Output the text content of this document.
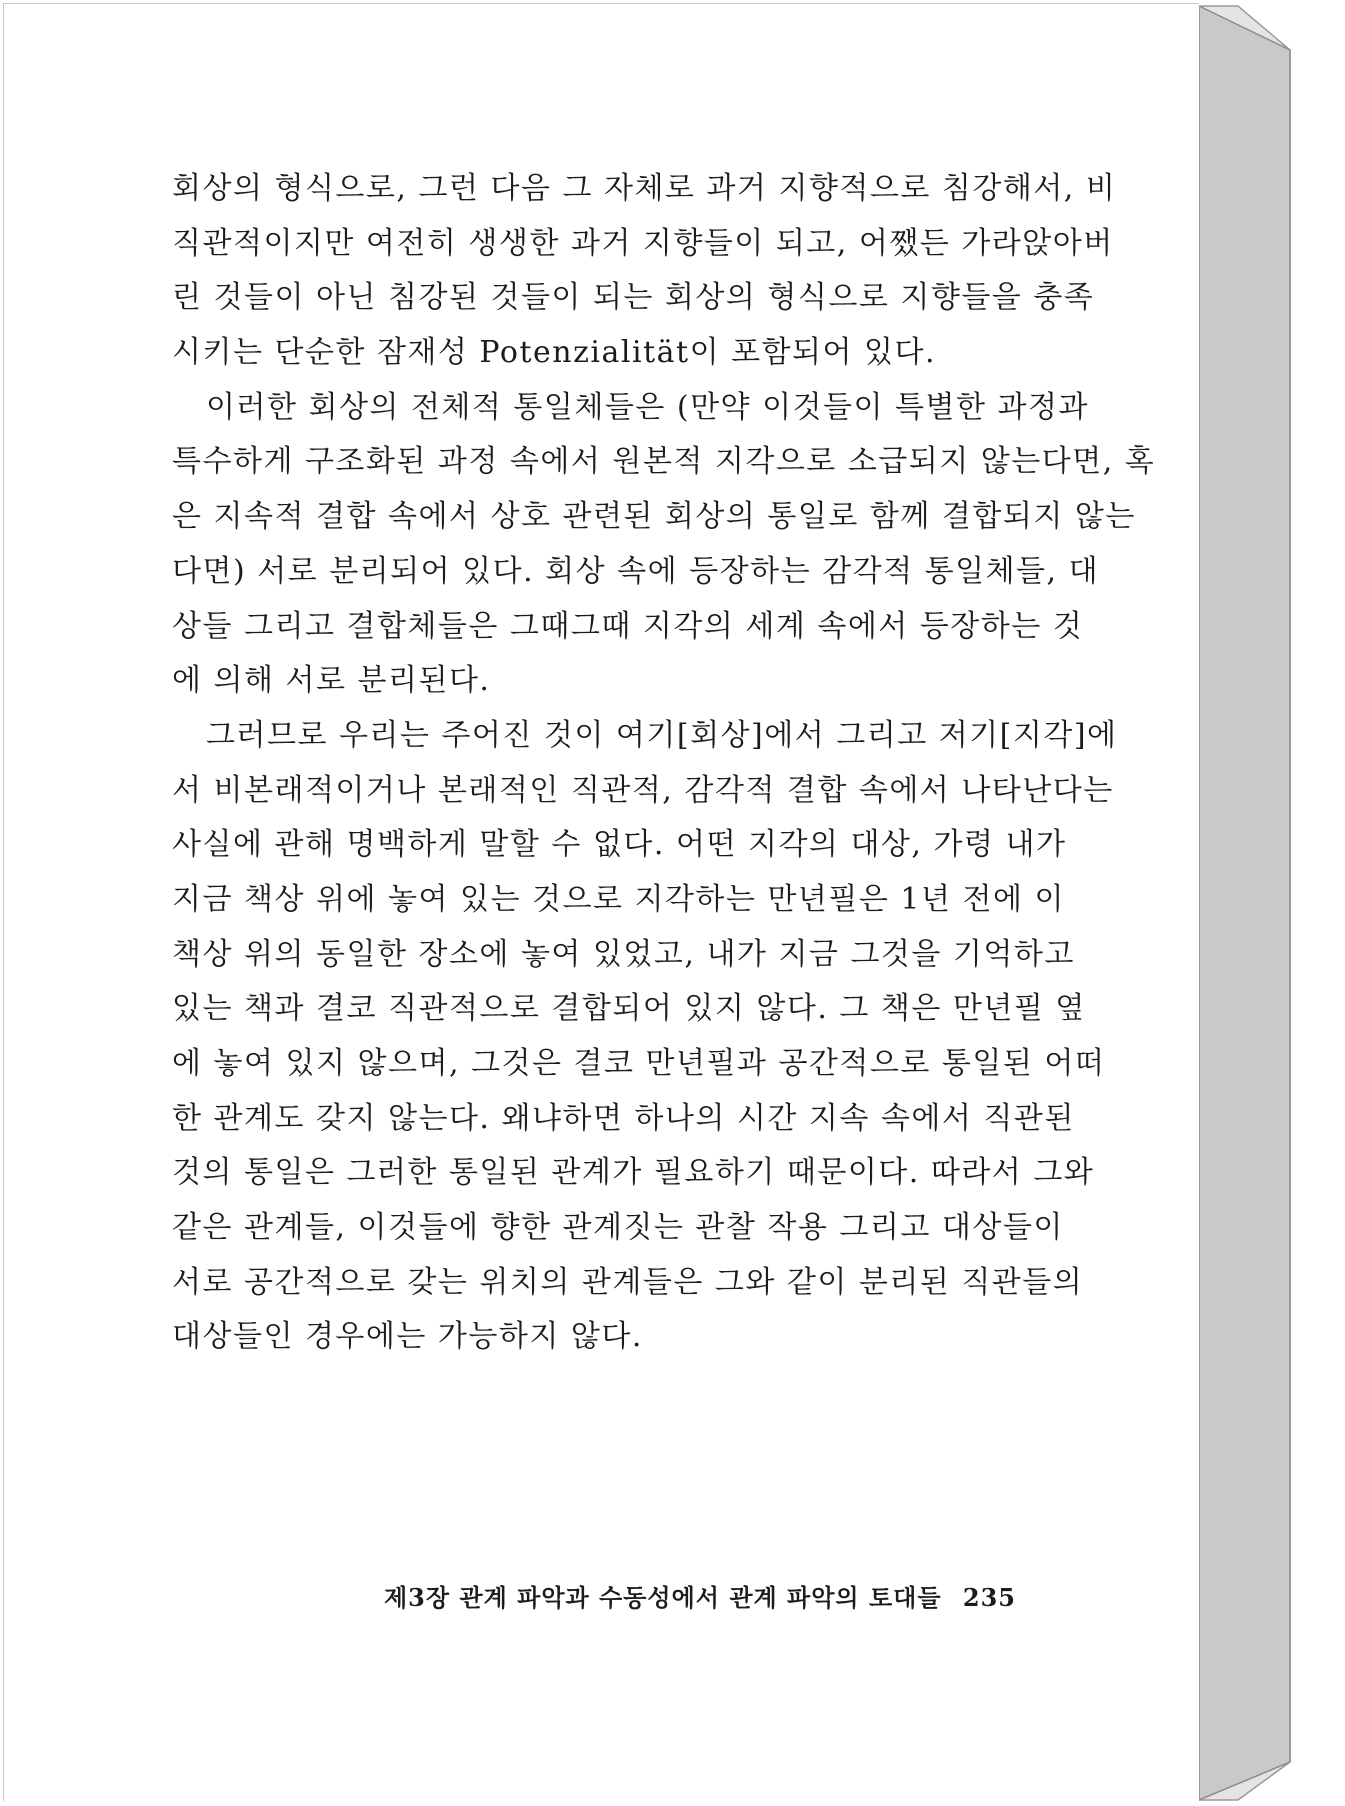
회상의 형식으로, 그런 다음 그 자체로 과거 지향적으로 침강해서, 비
직관적이지만 여전히 생생한 과거 지향들이 되고, 어쨌든 가라앉아버
린 것들이 아닌 침강된 것들이 되는 회상의 형식으로 지향들을 충족
시키는 단순한 잠재성 Potenzialität이 포함되어 있다.
이러한 회상의 전체적 통일체들은 (만약 이것들이 특별한 과정과
특수하게 구조화된 과정 속에서 원본적 지각으로 소급되지 않는다면, 혹
은 지속적 결합 속에서 상호 관련된 회상의 통일로 함께 결합되지 않는
다면) 서로 분리되어 있다. 회상 속에 등장하는 감각적 통일체들, 대
상들 그리고 결합체들은 그때그때 지각의 세계 속에서 등장하는 것
에 의해 서로 분리된다.
그러므로 우리는 주어진 것이 여기[회상]에서 그리고 저기[지각]에
서 비본래적이거나 본래적인 직관적, 감각적 결합 속에서 나타난다는
사실에 관해 명백하게 말할 수 없다. 어떤 지각의 대상, 가령 내가
지금 책상 위에 놓여 있는 것으로 지각하는 만년필은 1년 전에 이
책상 위의 동일한 장소에 놓여 있었고, 내가 지금 그것을 기억하고
있는 책과 결코 직관적으로 결합되어 있지 않다. 그 책은 만년필 옆
에 놓여 있지 않으며, 그것은 결코 만년필과 공간적으로 통일된 어떠
한 관계도 갖지 않는다. 왜냐하면 하나의 시간 지속 속에서 직관된
것의 통일은 그러한 통일된 관계가 필요하기 때문이다. 따라서 그와
같은 관계들, 이것들에 향한 관계짓는 관찰 작용 그리고 대상들이
서로 공간적으로 갖는 위치의 관계들은 그와 같이 분리된 직관들의
대상들인 경우에는 가능하지 않다.
제3장 관계 파악과 수동성에서 관계 파악의 토대들 235
